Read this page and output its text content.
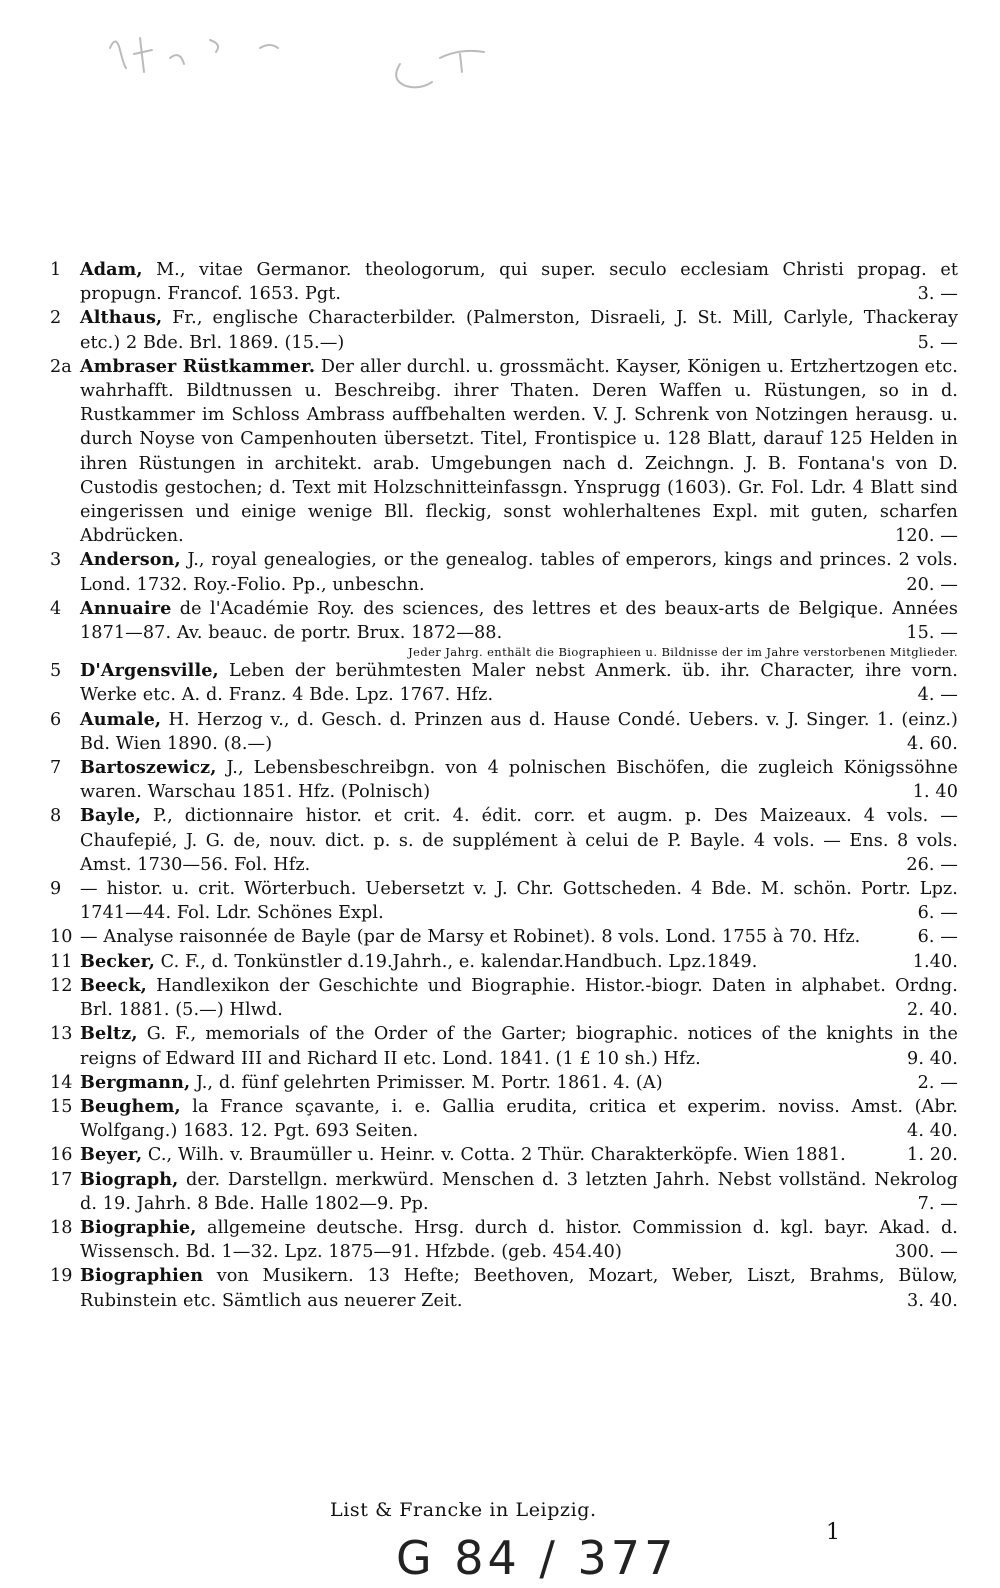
1	Adam, M., vitae Germanor. theologorum, qui super. seculo ecclesiam Christi propag. et propugn. Francof. 1653. Pgt.	3. —
2	Althaus, Fr., englische Characterbilder. (Palmerston, Disraeli, J. St. Mill, Carlyle, Thackeray etc.) 2 Bde. Brl. 1869. (15.—)	5. —
2a Ambraser Rüstkammer. Der aller durchl. u. grossmächt. Kayser, Königen u. Ertzhertzogen etc. wahrhafft. Bildtnussen u. Beschreibg. ihrer Thaten. Deren Waffen u. Rüstungen, so in d. Rustkammer im Schloss Ambrass auffbehalten werden. V. J. Schrenk von Notzingen herausg. u. durch Noyse von Campenhouten übersetzt. Titel, Frontispice u. 128 Blatt, darauf 125 Helden in ihren Rüstungen in architekt. arab. Umgebungen nach d. Zeichngn. J. B. Fontana's von D. Custodis gestochen; d. Text mit Holzschnitteinfassgn. Ynsprugg (1603). Gr. Fol. Ldr. 4 Blatt sind eingerissen und einige wenige Bll. fleckig, sonst wohlerhaltenes Expl. mit guten, scharfen Abdrücken.	120. —
3	Anderson, J., royal genealogies, or the genealog. tables of emperors, kings and princes. 2 vols. Lond. 1732. Roy.-Folio. Pp., unbeschn.	20. —
4	Annuaire de l'Académie Roy. des sciences, des lettres et des beaux-arts de Belgique. Années 1871—87. Av. beauc. de portr. Brux. 1872—88.	15. —
Jeder Jahrg. enthält die Biographieen u. Bildnisse der im Jahre verstorbenen Mitglieder.
5	D'Argensville, Leben der berühmtesten Maler nebst Anmerk. üb. ihr. Character, ihre vorn. Werke etc. A. d. Franz. 4 Bde. Lpz. 1767. Hfz.	4. —
6	Aumale, H. Herzog v., d. Gesch. d. Prinzen aus d. Hause Condé. Uebers. v. J. Singer. 1. (einz.) Bd. Wien 1890. (8.—)	4. 60.
7	Bartoszewicz, J., Lebensbeschreibgn. von 4 polnischen Bischöfen, die zugleich Königssöhne waren. Warschau 1851. Hfz. (Polnisch)	1. 40
8	Bayle, P., dictionnaire histor. et crit. 4. édit. corr. et augm. p. Des Maizeaux. 4 vols. — Chaufepié, J. G. de, nouv. dict. p. s. de supplément à celui de P. Bayle. 4 vols. — Ens. 8 vols. Amst. 1730—56. Fol. Hfz.	26. —
9	— histor. u. crit. Wörterbuch. Uebersetzt v. J. Chr. Gottscheden. 4 Bde. M. schön. Portr. Lpz. 1741—44. Fol. Ldr. Schönes Expl.	6. —
10 — Analyse raisonnée de Bayle (par de Marsy et Robinet). 8 vols. Lond. 1755 à 70. Hfz.	6. —
11 Becker, C. F., d. Tonkünstler d.19.Jahrh., e. kalendar.Handbuch. Lpz.1849.	1.40.
12 Beeck, Handlexikon der Geschichte und Biographie. Histor.-biogr. Daten in alphabet. Ordng. Brl. 1881. (5.—) Hlwd.	2. 40.
13 Beltz, G. F., memorials of the Order of the Garter; biographic. notices of the knights in the reigns of Edward III and Richard II etc. Lond. 1841. (1 £ 10 sh.) Hfz.	9. 40.
14 Bergmann, J., d. fünf gelehrten Primisser. M. Portr. 1861. 4. (A)	2. —
15 Beughem, la France sçavante, i. e. Gallia erudita, critica et experim. noviss. Amst. (Abr. Wolfgang.) 1683. 12. Pgt. 693 Seiten.	4. 40.
16 Beyer, C., Wilh. v. Braumüller u. Heinr. v. Cotta. 2 Thür. Charakterköpfe. Wien 1881.	1. 20.
17 Biograph, der. Darstellgn. merkwürd. Menschen d. 3 letzten Jahrh. Nebst vollständ. Nekrolog d. 19. Jahrh. 8 Bde. Halle 1802—9. Pp.	7. —
18 Biographie, allgemeine deutsche. Hrsg. durch d. histor. Commission d. kgl. bayr. Akad. d. Wissensch. Bd. 1—32. Lpz. 1875—91. Hfzbde. (geb. 454.40)	300. —
19 Biographien von Musikern. 13 Hefte; Beethoven, Mozart, Weber, Liszt, Brahms, Bülow, Rubinstein etc. Sämtlich aus neuerer Zeit.	3. 40.
List & Francke in Leipzig.
G 84 / 377	1
